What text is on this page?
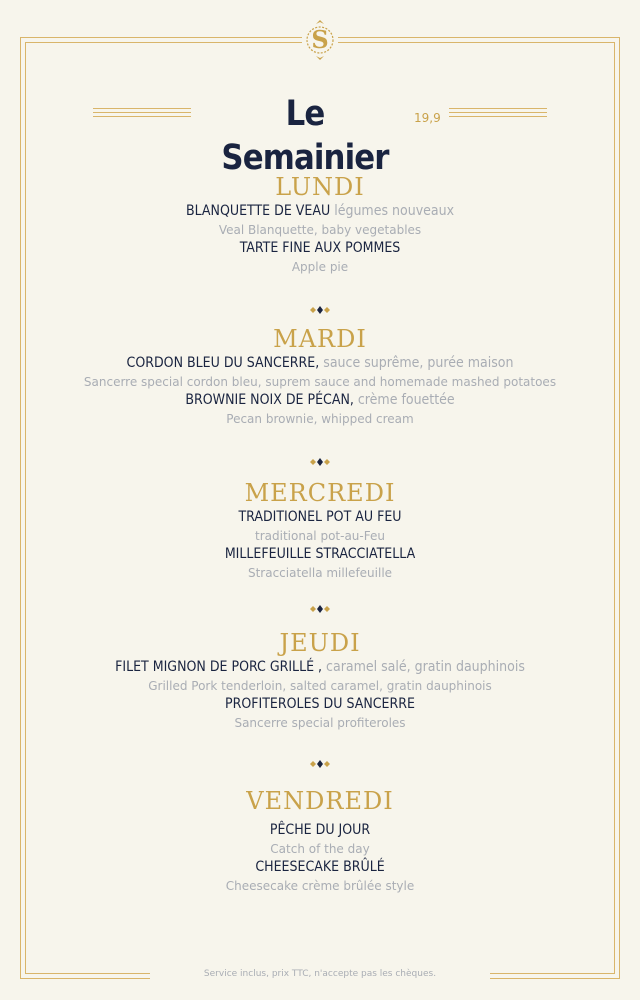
S
Le Semainier
19,9
LUNDI
BLANQUETTE DE VEAU légumes nouveaux
Veal Blanquette, baby vegetables
TARTE FINE AUX POMMES
Apple pie
MARDI
CORDON BLEU DU SANCERRE, sauce suprême, purée maison
Sancerre special cordon bleu, suprem sauce and homemade mashed potatoes
BROWNIE NOIX DE PÉCAN, crème fouettée
Pecan brownie, whipped cream
MERCREDI
TRADITIONEL POT AU FEU
traditional pot-au-Feu
MILLEFEUILLE STRACCIATELLA
Stracciatella millefeuille
JEUDI
FILET MIGNON DE PORC GRILLÉ , caramel salé, gratin dauphinois
Grilled Pork tenderloin, salted caramel, gratin dauphinois
PROFITEROLES DU SANCERRE
Sancerre special profiteroles
VENDREDI
PÊCHE DU JOUR
Catch of the day
CHEESECAKE BRÛLÉ
Cheesecake crème brûlée style
Service inclus, prix TTC, n'accepte pas les chèques.
